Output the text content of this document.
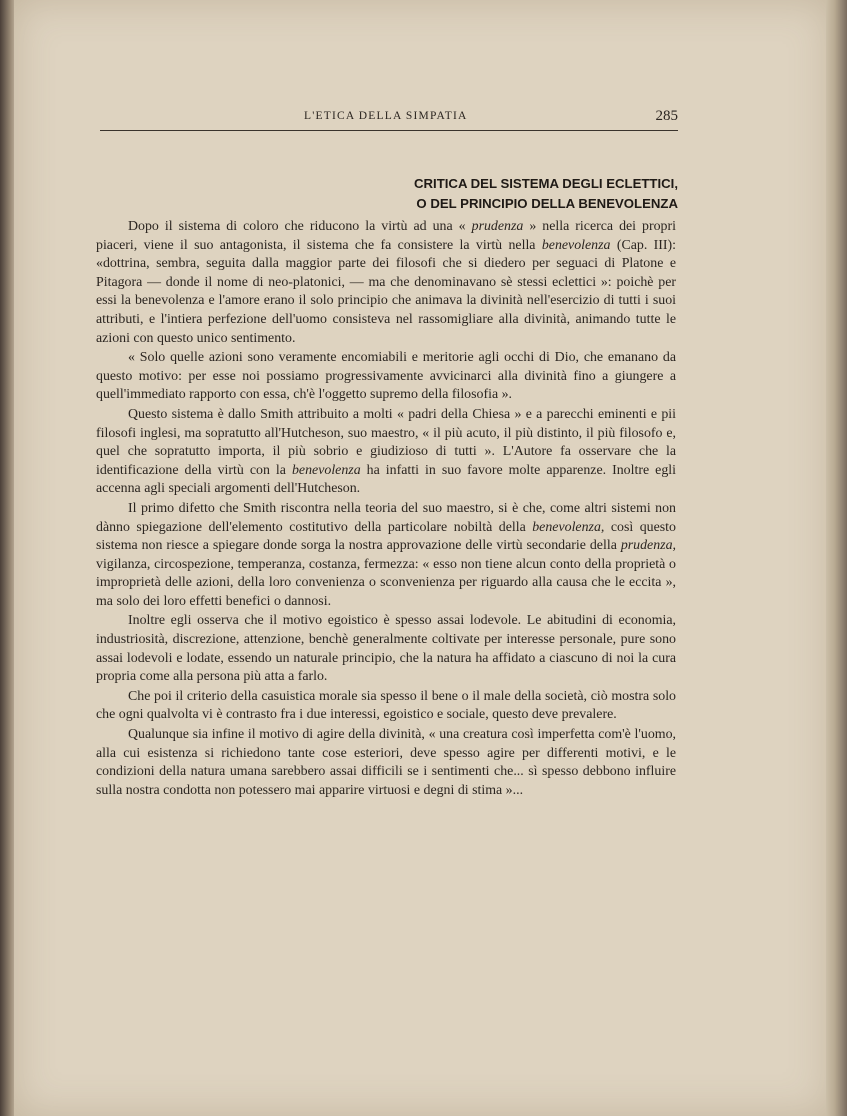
L'ETICA DELLA SIMPATIA	285
CRITICA DEL SISTEMA DEGLI ECLETTICI,
O DEL PRINCIPIO DELLA BENEVOLENZA

Dopo il sistema di coloro che riducono la virtù ad una « prudenza » nella ricerca dei propri piaceri, viene il suo antagonista, il sistema che fa consistere la virtù nella benevolenza (Cap. III): «dottrina, sembra, seguita dalla maggior parte dei filosofi che si diedero per seguaci di Platone e Pitagora — donde il nome di neo-platonici, — ma che denominavano sè stessi eclettici »: poichè per essi la benevolenza e l'amore erano il solo principio che animava la divinità nell'esercizio di tutti i suoi attributi, e l'intiera perfezione dell'uomo consisteva nel rassomigliare alla divinità, animando tutte le azioni con questo unico sentimento.

« Solo quelle azioni sono veramente encomiabili e meritorie agli occhi di Dio, che emanano da questo motivo: per esse noi possiamo progressivamente avvicinarci alla divinità fino a giungere a quell'immediato rapporto con essa, ch'è l'oggetto supremo della filosofia ».

Questo sistema è dallo Smith attribuito a molti « padri della Chiesa » e a parecchi eminenti e pii filosofi inglesi, ma sopratutto all'Hutcheson, suo maestro, « il più acuto, il più distinto, il più filosofo e, quel che sopratutto importa, il più sobrio e giudizioso di tutti ». L'Autore fa osservare che la identificazione della virtù con la benevolenza ha infatti in suo favore molte apparenze. Inoltre egli accenna agli speciali argomenti dell'Hutcheson.

Il primo difetto che Smith riscontra nella teoria del suo maestro, si è che, come altri sistemi non dànno spiegazione dell'elemento costitutivo della particolare nobiltà della benevolenza, così questo sistema non riesce a spiegare donde sorga la nostra approvazione delle virtù secondarie della prudenza, vigilanza, circospezione, temperanza, costanza, fermezza: « esso non tiene alcun conto della proprietà o improprietà delle azioni, della loro convenienza o sconvenienza per riguardo alla causa che le eccita », ma solo dei loro effetti benefici o dannosi.

Inoltre egli osserva che il motivo egoistico è spesso assai lodevole. Le abitudini di economia, industriosità, discrezione, attenzione, benchè generalmente coltivate per interesse personale, pure sono assai lodevoli e lodate, essendo un naturale principio, che la natura ha affidato a ciascuno di noi la cura propria come alla persona più atta a farlo.

Che poi il criterio della casuistica morale sia spesso il bene o il male della società, ciò mostra solo che ogni qualvolta vi è contrasto fra i due interessi, egoistico e sociale, questo deve prevalere.

Qualunque sia infine il motivo di agire della divinità, « una creatura così imperfetta com'è l'uomo, alla cui esistenza si richiedono tante cose esteriori, deve spesso agire per differenti motivi, e le condizioni della natura umana sarebbero assai difficili se i sentimenti che... sì spesso debbono influire sulla nostra condotta non potessero mai apparire virtuosi e degni di stima »...
